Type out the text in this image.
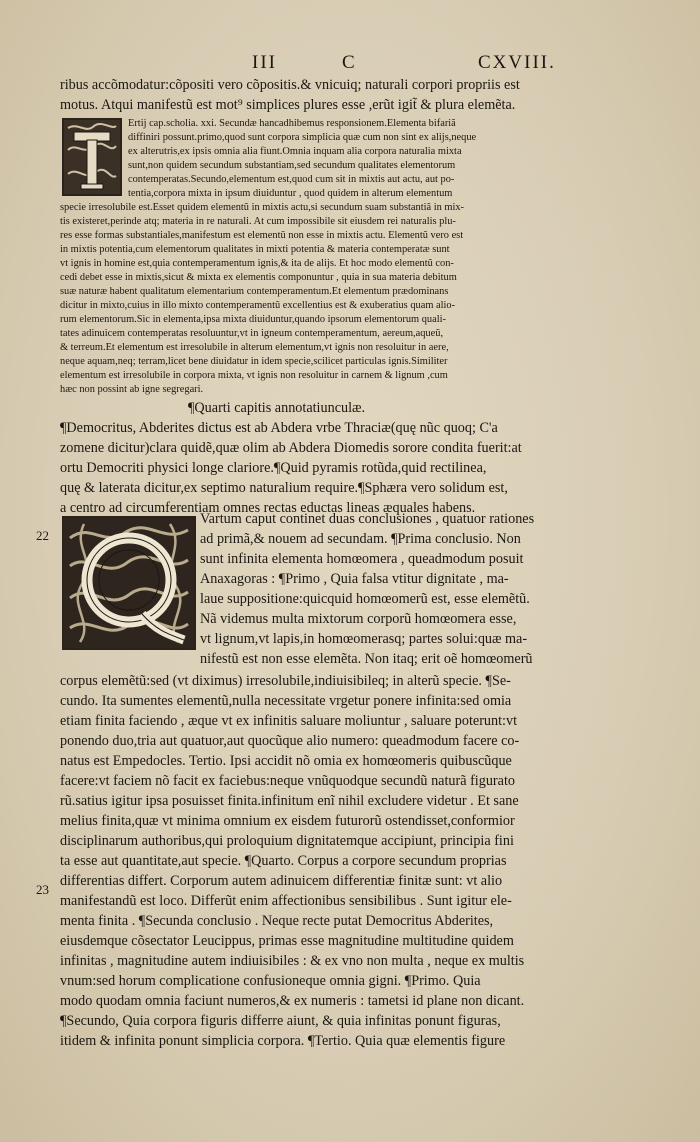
III	C	CXVIII.
ribus accõmodatur:cõpositi vero cõpositis.& vnicuiq; naturali corpori propriis est
motus. Atqui manifestũ est mot⁹ simplices plures esse ,erũt igit̃ & plura elemẽta.
Ertij cap.scholia. xxi. Secundæ hancadhibemus responsionem.Elementa bifariã
diffiniri possunt.primo,quod sunt corpora simplicia quæ cum non sint ex alijs,neque
ex alterutris,ex ipsis omnia alia fiunt.Omnia inquam alia corpora naturalia mixta
sunt,non quidem secundum substantiam,sed secundum qualitates elementorum
contemperatas.Secundo,elementum est,quod cum sit in mixtis aut actu, aut po-
tentia,corpora mixta in ipsum diuiduntur , quod quidem in alterum elementum
specie irresolubile est.Esset quidem elementũ in mixtis actu,si secundum suam substantiã in mix-
tis existeret,perinde atq; materia in re naturali. At cum impossibile sit eiusdem rei naturalis plu-
res esse formas substantiales,manifestum est elementũ non esse in mixtis actu. Elementũ vero est
in mixtis potentia,cum elementorum qualitates in mixti potentia & materia contemperatæ sunt
vt ignis in homine est,quia contemperamentum ignis,& ita de alijs. Et hoc modo elementũ con-
cedi debet esse in mixtis,sicut & mixta ex elementis componuntur , quia in sua materia debitum
suæ naturæ habent qualitatum elementarium contemperamentum.Et elementum prædominans
dicitur in mixto,cuius in illo mixto contemperamentũ excellentius est & exuberatius quam alio-
rum elementorum.Sic in elementa,ipsa mixta diuiduntur,quando ipsorum elementorum quali-
tates adinuicem contemperatas resoluuntur,vt in igneum contemperamentum, aereum,aqueũ,
& terreum.Et elementum est irresolubile in alterum elementum,vt ignis non resoluitur in aere,
neque aquam,neq; terram,licet bene diuidatur in idem specie,scilicet particulas ignis.Similiter
elementum est irresolubile in corpora mixta, vt ignis non resoluitur in carnem & lignum ,cum
hæc non possint ab igne segregari.
¶Quarti capitis annotatiunculæ.
¶Democritus, Abderites dictus est ab Abdera vrbe Thraciæ(quę nũc quoq; C'a
zomene dicitur)clara quidẽ,quæ olim ab Abdera Diomedis sorore condita fuerit:at
ortu Democriti physici longe clariore.¶Quid pyramis rotũda,quid rectilinea,
quę & laterata dicitur,ex septimo naturalium require.¶Sphæra vero solidum est,
a centro ad circumferentiam omnes rectas eductas lineas æquales habens.
22
Vartum caput continet duas conclusiones , quatuor rationes
ad primã,& nouem ad secundam. ¶Prima conclusio. Non
sunt infinita elementa homœomera , queadmodum posuit
Anaxagoras : ¶Primo , Quia falsa vtitur dignitate , ma-
laue suppositione:quicquid homœomerũ est, esse elemẽtũ.
Nã videmus multa mixtorum corporũ homœomera esse,
vt lignum,vt lapis,in homœomerasq; partes solui:quæ ma-
nifestũ est non esse elemẽta. Non itaq; erit oẽ homœomerũ
corpus elemẽtũ:sed (vt diximus) irresolubile,indiuisibileq; in alterũ specie. ¶Se-
cundo. Ita sumentes elementũ,nulla necessitate vrgetur ponere infinita:sed omia
etiam finita faciendo , æque vt ex infinitis saluare moliuntur , saluare poterunt:vt
ponendo duo,tria aut quatuor,aut quocũque alio numero: queadmodum facere co-
natus est Empedocles. Tertio. Ipsi accidit nõ omia ex homœomeris quibuscũque
facere:vt faciem nõ facit ex faciebus:neque vnũquodque secundũ naturã figurato
rũ.satius igitur ipsa posuisset finita.infinitum enĩ nihil excludere videtur . Et sane
melius finita,quæ vt minima omnium ex eisdem futurorũ ostendisset,conformior
disciplinarum authoribus,qui proloquium dignitatemque accipiunt, principia fini
ta esse aut quantitate,aut specie. ¶Quarto. Corpus a corpore secundum proprias
differentias differt. Corporum autem adinuicem differentiæ finitæ sunt: vt alio
manifestandũ est loco. Differũt enim affectionibus sensibilibus . Sunt igitur ele-
menta finita . ¶Secunda conclusio . Neque recte putat Democritus Abderites,
eiusdemque cõsectator Leucippus, primas esse magnitudine multitudine quidem
infinitas , magnitudine autem indiuisibiles : & ex vno non multa , neque ex multis
vnum:sed horum complicatione confusioneque omnia gigni. ¶Primo. Quia
modo quodam omnia faciunt numeros,& ex numeris : tametsi id plane non dicant.
¶Secundo, Quia corpora figuris differre aiunt, & quia infinitas ponunt figuras,
itidem & infinita ponunt simplicia corpora. ¶Tertio. Quia quæ elementis figure
23
